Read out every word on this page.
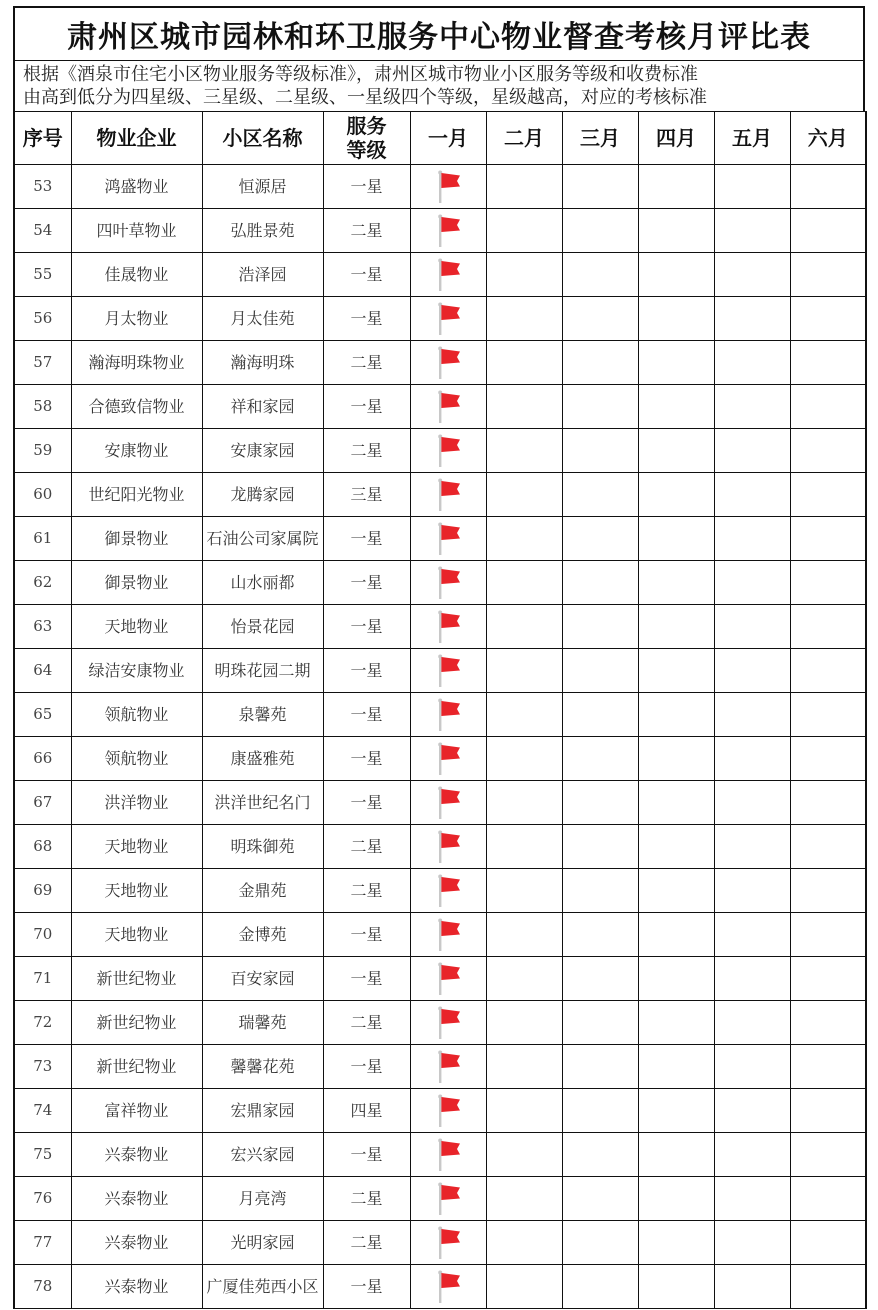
肃州区城市园林和环卫服务中心物业督查考核月评比表
根据《酒泉市住宅小区物业服务等级标准》，肃州区城市物业小区服务等级和收费标准
由高到低分为四星级、三星级、二星级、一星级四个等级，星级越高，对应的考核标准
序号	物业企业	小区名称	服务等级	一月	二月	三月	四月	五月	六月
53	鸿盛物业	恒源居	一星						
54	四叶草物业	弘胜景苑	二星						
55	佳晟物业	浩泽园	一星						
56	月太物业	月太佳苑	一星						
57	瀚海明珠物业	瀚海明珠	二星						
58	合德致信物业	祥和家园	一星						
59	安康物业	安康家园	二星						
60	世纪阳光物业	龙腾家园	三星						
61	御景物业	石油公司家属院	一星						
62	御景物业	山水丽都	一星						
63	天地物业	怡景花园	一星						
64	绿洁安康物业	明珠花园二期	一星						
65	领航物业	泉馨苑	一星						
66	领航物业	康盛雅苑	一星						
67	洪洋物业	洪洋世纪名门	一星						
68	天地物业	明珠御苑	二星						
69	天地物业	金鼎苑	二星						
70	天地物业	金博苑	一星						
71	新世纪物业	百安家园	一星						
72	新世纪物业	瑞馨苑	二星						
73	新世纪物业	馨馨花苑	一星						
74	富祥物业	宏鼎家园	四星						
75	兴泰物业	宏兴家园	一星						
76	兴泰物业	月亮湾	二星						
77	兴泰物业	光明家园	二星						
78	兴泰物业	广厦佳苑西小区	一星						
